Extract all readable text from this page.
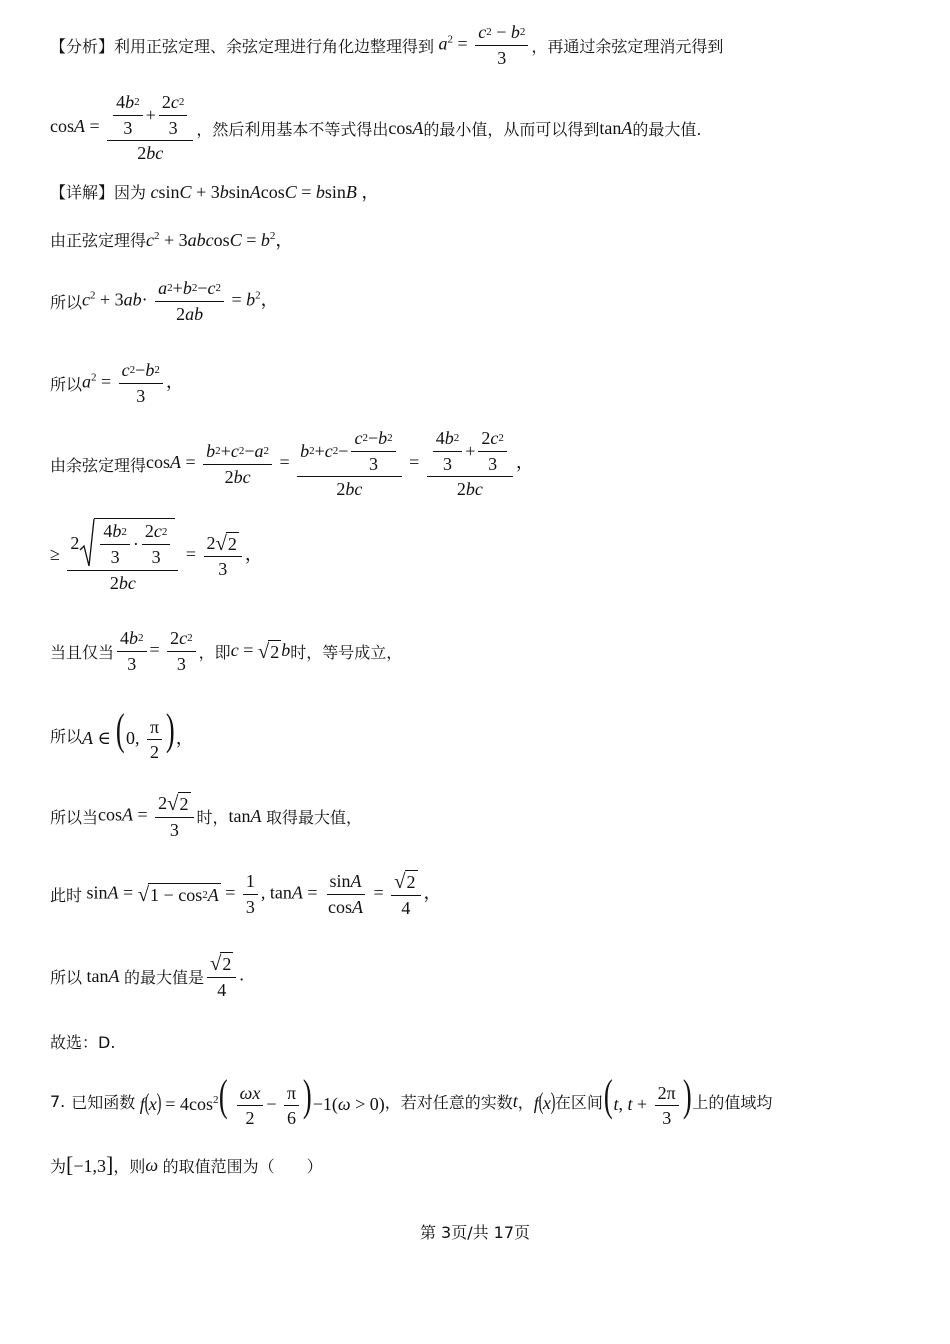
【分析】 利用正弦定理、余弦定理进行角化边整理得到 $a^2 = \frac{c 2 - b 2}{3}$ ，再通过余弦定理消元得到
$\cos A = \frac{\frac{4 b 2}{3} + \frac{2 c 2}{3}}{2 bc}$ ，然后利用基本不等式得出 cosA 的最小值，从而可以得到 tanA 的最大值.
【详解】 因为 csinC + 3bsinAcosC = bsinB ，
由正弦定理得 $c^2 + 3abcosC = b^2$，
所以 $c^2 + 3ab\cdot \frac{a 2 + b 2 - c 2}{2 ab} = b^2$，
所以 $a^2 = \frac{c 2 - b 2}{3}$ ，
由余弦定理得 $\cos A = \frac{b 2 + c 2 - a 2}{2 bc} = \frac{b 2 + c 2 - \frac{c 2 - b 2}{3}}{2 bc} = \frac{\frac{4 b 2}{3} + \frac{2 c 2}{3}}{2 bc}$ ，
≥ $\frac{2 \frac{4 b 2}{3} \cdot \frac{2 c 2}{3}}{2 bc} = \frac{2 √ 2}{3}$ ，
当且仅当 $\frac{4 b 2}{3} = \frac{2 c 2}{3}$ ，即 c = √ 2 b 时，等号成立，
所以 A ∈ (0, $\frac{\pi}{2}$ )，
所以当 $\cos A = \frac{2 √ 2}{3}$ 时， tanA 取得最大值，
此时 sinA = √ 1 − cos 2 $A = \frac{1}{3}$ , $\tan A = \frac{\text{sin A}}{\text{cos A}} = \frac{√ 2}{4}$ ，
所以 tanA 的最大值是 $\frac{√ 2}{4}$ .
故选：D.
7. 已知函数 $f(x) = 4\cos^2( \frac{\omega x}{2} - \frac{\pi}{6} )-1(\omega > 0)$ ，若对任意的实数 t ， f(x) 在区间 (t, $t + \frac{2\pi}{3}$ ) 上的值域均
为 [−1,3] ，则 ω 的取值范围为（　　）
第 3页/共 17页
